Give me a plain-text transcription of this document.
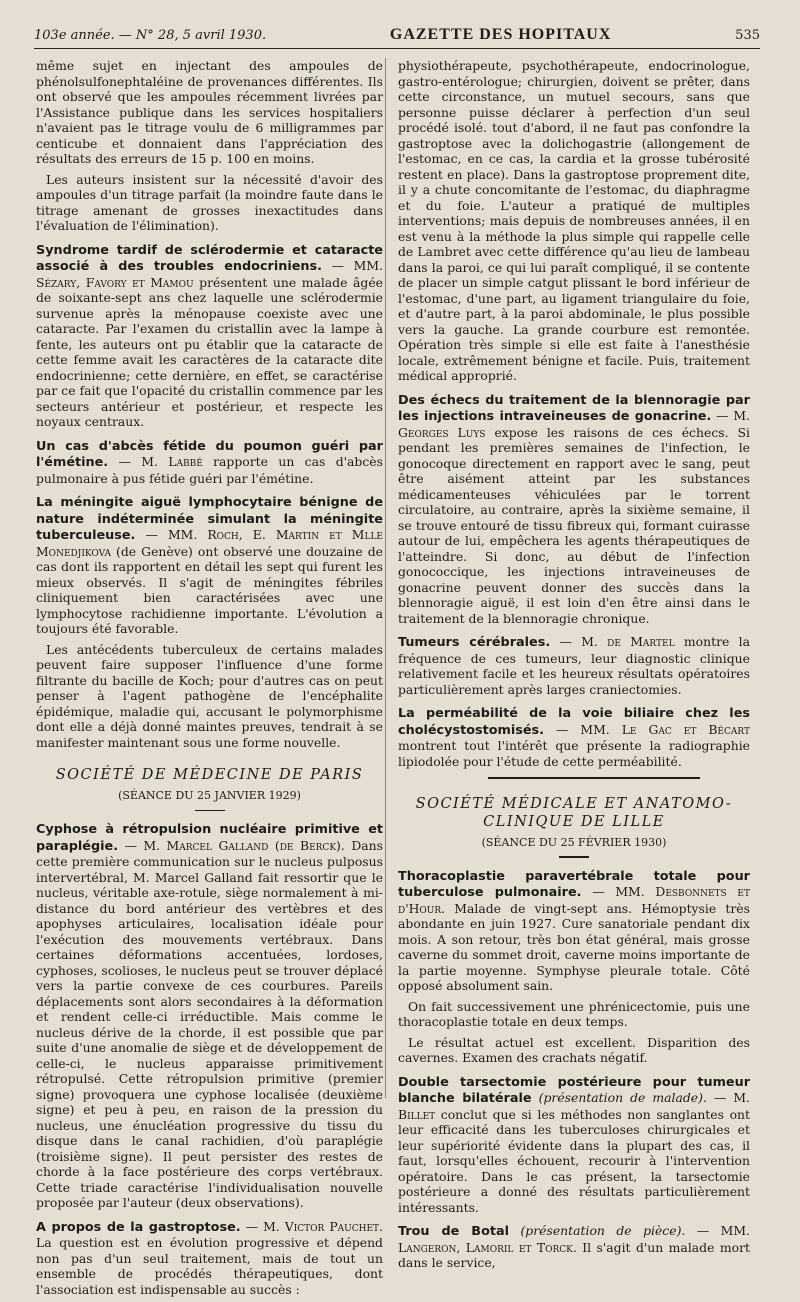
103e année. — N° 28, 5 avril 1930.	GAZETTE DES HOPITAUX	535

même sujet en injectant des ampoules de phénolsulfonephtaléine de provenances différentes. Ils ont observé que les ampoules récemment livrées par l'Assistance publique dans les services hospitaliers n'avaient pas le titrage voulu de 6 milligrammes par centicube et donnaient dans l'appréciation des résultats des erreurs de 15 p. 100 en moins.

Les auteurs insistent sur la nécessité d'avoir des ampoules d'un titrage parfait (la moindre faute dans le titrage amenant de grosses inexactitudes dans l'évaluation de l'élimination).

Syndrome tardif de sclérodermie et cataracte associé à des troubles endocriniens. — MM. Sézary, Favory et Mamou présentent une malade âgée de soixante-sept ans chez laquelle une sclérodermie survenue après la ménopause coexiste avec une cataracte. Par l'examen du cristallin avec la lampe à fente, les auteurs ont pu établir que la cataracte de cette femme avait les caractères de la cataracte dite endocrinienne; cette dernière, en effet, se caractérise par ce fait que l'opacité du cristallin commence par les secteurs antérieur et postérieur, et respecte les noyaux centraux.

Un cas d'abcès fétide du poumon guéri par l'émétine. — M. Labbé rapporte un cas d'abcès pulmonaire à pus fétide guéri par l'émétine.

La méningite aiguë lymphocytaire bénigne de nature indéterminée simulant la méningite tuberculeuse. — MM. Roch, E. Martin et Mlle Monedjikova (de Genève) ont observé une douzaine de cas dont ils rapportent en détail les sept qui furent les mieux observés. Il s'agit de méningites fébriles cliniquement bien caractérisées avec une lymphocytose rachidienne importante. L'évolution a toujours été favorable.

Les antécédents tuberculeux de certains malades peuvent faire supposer l'influence d'une forme filtrante du bacille de Koch; pour d'autres cas on peut penser à l'agent pathogène de l'encéphalite épidémique, maladie qui, accusant le polymorphisme dont elle a déjà donné maintes preuves, tendrait à se manifester maintenant sous une forme nouvelle.

SOCIÉTÉ DE MÉDECINE DE PARIS
(SÉANCE DU 25 JANVIER 1929)

Cyphose à rétropulsion nucléaire primitive et paraplégie. — M. Marcel Galland (de Berck). Dans cette première communication sur le nucleus pulposus intervertébral, M. Marcel Galland fait ressortir que le nucleus, véritable axe-rotule, siège normalement à mi-distance du bord antérieur des vertèbres et des apophyses articulaires, localisation idéale pour l'exécution des mouvements vertébraux. Dans certaines déformations accentuées, lordoses, cyphoses, scolioses, le nucleus peut se trouver déplacé vers la partie convexe de ces courbures. Pareils déplacements sont alors secondaires à la déformation et rendent celle-ci irréductible. Mais comme le nucleus dérive de la chorde, il est possible que par suite d'une anomalie de siège et de développement de celle-ci, le nucleus apparaisse primitivement rétropulsé. Cette rétropulsion primitive (premier signe) provoquera une cyphose localisée (deuxième signe) et peu à peu, en raison de la pression du nucleus, une énucléation progressive du tissu du disque dans le canal rachidien, d'où paraplégie (troisième signe). Il peut persister des restes de chorde à la face postérieure des corps vertébraux. Cette triade caractérise l'individualisation nouvelle proposée par l'auteur (deux observations).

A propos de la gastroptose. — M. Victor Pauchet. La question est en évolution progressive et dépend non pas d'un seul traitement, mais de tout un ensemble de procédés thérapeutiques, dont l'association est indispensable au succès :

physiothérapeute, psychothérapeute, endocrinologue, gastro-entérologue; chirurgien, doivent se prêter, dans cette circonstance, un mutuel secours, sans que personne puisse déclarer à perfection d'un seul procédé isolé. tout d'abord, il ne faut pas confondre la gastroptose avec la dolichogastrie (allongement de l'estomac, en ce cas, la cardia et la grosse tubérosité restent en place). Dans la gastroptose proprement dite, il y a chute concomitante de l'estomac, du diaphragme et du foie. L'auteur a pratiqué de multiples interventions; mais depuis de nombreuses années, il en est venu à la méthode la plus simple qui rappelle celle de Lambret avec cette différence qu'au lieu de lambeau dans la paroi, ce qui lui paraît compliqué, il se contente de placer un simple catgut plissant le bord inférieur de l'estomac, d'une part, au ligament triangulaire du foie, et d'autre part, à la paroi abdominale, le plus possible vers la gauche. La grande courbure est remontée. Opération très simple si elle est faite à l'anesthésie locale, extrêmement bénigne et facile. Puis, traitement médical approprié.

Des échecs du traitement de la blennoragie par les injections intraveineuses de gonacrine. — M. Georges Luys expose les raisons de ces échecs. Si pendant les premières semaines de l'infection, le gonocoque directement en rapport avec le sang, peut être aisément atteint par les substances médicamenteuses véhiculées par le torrent circulatoire, au contraire, après la sixième semaine, il se trouve entouré de tissu fibreux qui, formant cuirasse autour de lui, empêchera les agents thérapeutiques de l'atteindre. Si donc, au début de l'infection gonococcique, les injections intraveineuses de gonacrine peuvent donner des succès dans la blennoragie aiguë, il est loin d'en être ainsi dans le traitement de la blennoragie chronique.

Tumeurs cérébrales. — M. de Martel montre la fréquence de ces tumeurs, leur diagnostic clinique relativement facile et les heureux résultats opératoires particulièrement après larges craniectomies.

La perméabilité de la voie biliaire chez les cholécystostomisés. — MM. Le Gac et Bécart montrent tout l'intérêt que présente la radiographie lipiodolée pour l'étude de cette perméabilité.

SOCIÉTÉ MÉDICALE ET ANATOMO-CLINIQUE DE LILLE
(SÉANCE DU 25 FÉVRIER 1930)

Thoracoplastie paravertébrale totale pour tuberculose pulmonaire. — MM. Desbonnets et d'Hour. Malade de vingt-sept ans. Hémoptysie très abondante en juin 1927. Cure sanatoriale pendant dix mois. A son retour, très bon état général, mais grosse caverne du sommet droit, caverne moins importante de la partie moyenne. Symphyse pleurale totale. Côté opposé absolument sain.

On fait successivement une phrénicectomie, puis une thoracoplastie totale en deux temps.

Le résultat actuel est excellent. Disparition des cavernes. Examen des crachats négatif.

Double tarsectomie postérieure pour tumeur blanche bilatérale (présentation de malade). — M. Billet conclut que si les méthodes non sanglantes ont leur efficacité dans les tuberculoses chirurgicales et leur supériorité évidente dans la plupart des cas, il faut, lorsqu'elles échouent, recourir à l'intervention opératoire. Dans le cas présent, la tarsectomie postérieure a donné des résultats particulièrement intéressants.

Trou de Botal (présentation de pièce). — MM. Langeron, Lamoril et Torck. Il s'agit d'un malade mort dans le service,
